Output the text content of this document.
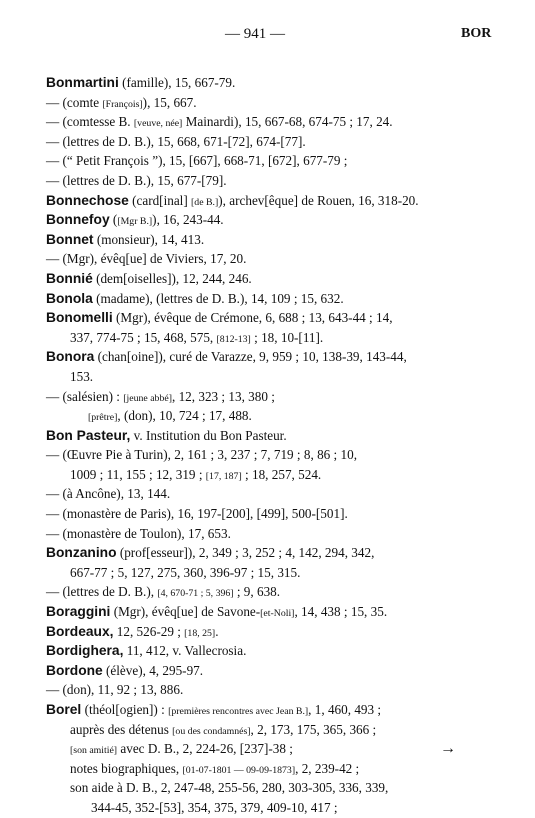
— 941 —	BOR
Bonmartini (famille), 15, 667-79.
— (comte [François]), 15, 667.
— (comtesse B. [veuve, née] Mainardi), 15, 667-68, 674-75 ; 17, 24.
— (lettres de D. B.), 15, 668, 671-[72], 674-[77].
— (“ Petit François ”), 15, [667], 668-71, [672], 677-79 ;
— (lettres de D. B.), 15, 677-[79].
Bonnechose (card[inal] [de B.]), archev[êque] de Rouen, 16, 318-20.
Bonnefoy ([Mgr B.]), 16, 243-44.
Bonnet (monsieur), 14, 413.
— (Mgr), évêq[ue] de Viviers, 17, 20.
Bonnié (dem[oiselles]), 12, 244, 246.
Bonola (madame), (lettres de D. B.), 14, 109 ; 15, 632.
Bonomelli (Mgr), évêque de Crémone, 6, 688 ; 13, 643-44 ; 14,
337, 774-75 ; 15, 468, 575, [812-13] ; 18, 10-[11].
Bonora (chan[oine]), curé de Varazze, 9, 959 ; 10, 138-39, 143-44,
153.
— (salésien) : [jeune abbé], 12, 323 ; 13, 380 ;
[prêtre], (don), 10, 724 ; 17, 488.
Bon Pasteur, v. Institution du Bon Pasteur.
— (Œuvre Pie à Turin), 2, 161 ; 3, 237 ; 7, 719 ; 8, 86 ; 10,
1009 ; 11, 155 ; 12, 319 ; [17, 187] ; 18, 257, 524.
— (à Ancône), 13, 144.
— (monastère de Paris), 16, 197-[200], [499], 500-[501].
— (monastère de Toulon), 17, 653.
Bonzanino (prof[esseur]), 2, 349 ; 3, 252 ; 4, 142, 294, 342,
667-77 ; 5, 127, 275, 360, 396-97 ; 15, 315.
— (lettres de D. B.), [4, 670-71 ; 5, 396] ; 9, 638.
Boraggini (Mgr), évêq[ue] de Savone-[et-Noli], 14, 438 ; 15, 35.
Bordeaux, 12, 526-29 ; [18, 25].
Bordighera, 11, 412, v. Vallecrosia.
Bordone (élève), 4, 295-97.
— (don), 11, 92 ; 13, 886.
Borel (théol[ogien]) : [premières rencontres avec Jean B.], 1, 460, 493 ;
auprès des détenus [ou des condamnés], 2, 173, 175, 365, 366 ;
[son amitié] avec D. B., 2, 224-26, [237]-38 ;
notes biographiques, [01-07-1801 — 09-09-1873], 2, 239-42 ;
son aide à D. B., 2, 247-48, 255-56, 280, 303-305, 336, 339,
344-45, 352-[53], 354, 375, 379, 409-10, 417 ;
→
